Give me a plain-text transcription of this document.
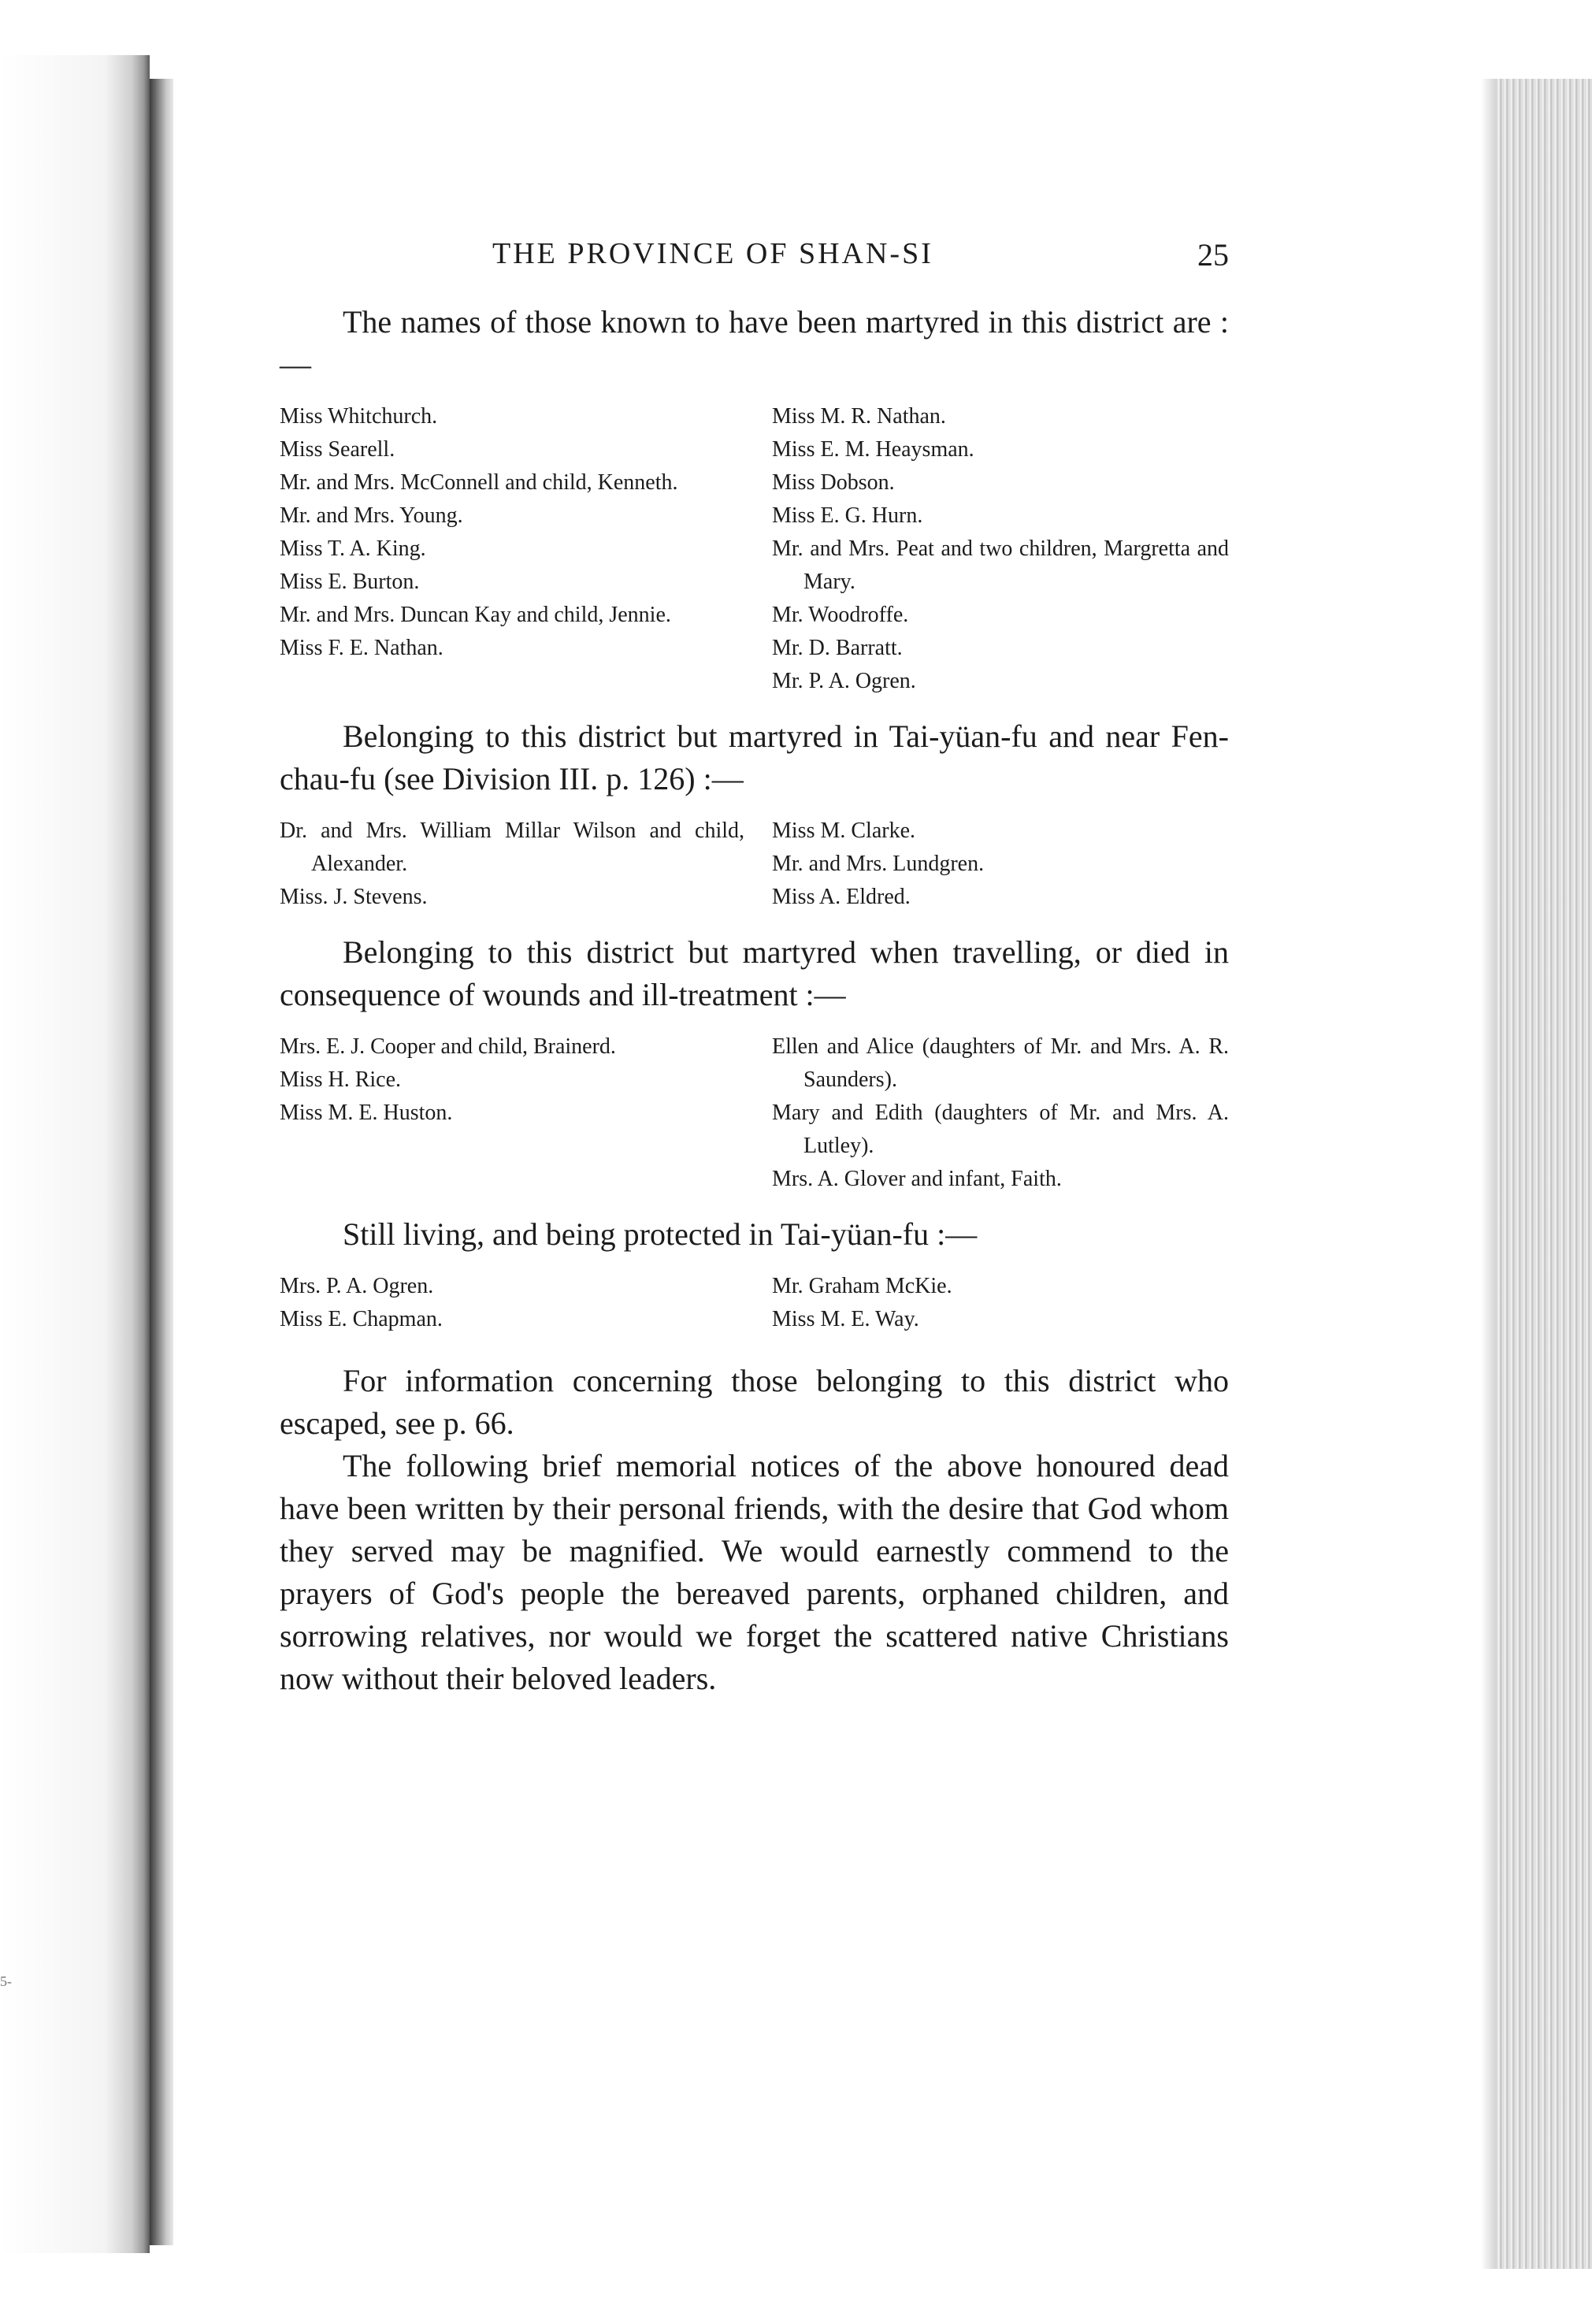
5-
THE PROVINCE OF SHAN-SI	25

The names of those known to have been martyred in this district are :—

Miss Whitchurch.
Miss Searell.
Mr. and Mrs. McConnell and child, Kenneth.
Mr. and Mrs. Young.
Miss T. A. King.
Miss E. Burton.
Mr. and Mrs. Duncan Kay and child, Jennie.
Miss F. E. Nathan.
Miss M. R. Nathan.
Miss E. M. Heaysman.
Miss Dobson.
Miss E. G. Hurn.
Mr. and Mrs. Peat and two children, Margretta and Mary.
Mr. Woodroffe.
Mr. D. Barratt.
Mr. P. A. Ogren.

Belonging to this district but martyred in Tai-yüan-fu and near Fen-chau-fu (see Division III. p. 126) :—

Dr. and Mrs. William Millar Wilson and child, Alexander.
Miss. J. Stevens.
Miss M. Clarke.
Mr. and Mrs. Lundgren.
Miss A. Eldred.

Belonging to this district but martyred when travelling, or died in consequence of wounds and ill-treatment :—

Mrs. E. J. Cooper and child, Brainerd.
Miss H. Rice.
Miss M. E. Huston.
Ellen and Alice (daughters of Mr. and Mrs. A. R. Saunders).
Mary and Edith (daughters of Mr. and Mrs. A. Lutley).
Mrs. A. Glover and infant, Faith.

Still living, and being protected in Tai-yüan-fu :—

Mrs. P. A. Ogren.
Miss E. Chapman.
Mr. Graham McKie.
Miss M. E. Way.

For information concerning those belonging to this district who escaped, see p. 66.

The following brief memorial notices of the above honoured dead have been written by their personal friends, with the desire that God whom they served may be magnified. We would earnestly commend to the prayers of God's people the bereaved parents, orphaned children, and sorrowing relatives, nor would we forget the scattered native Christians now without their beloved leaders.
